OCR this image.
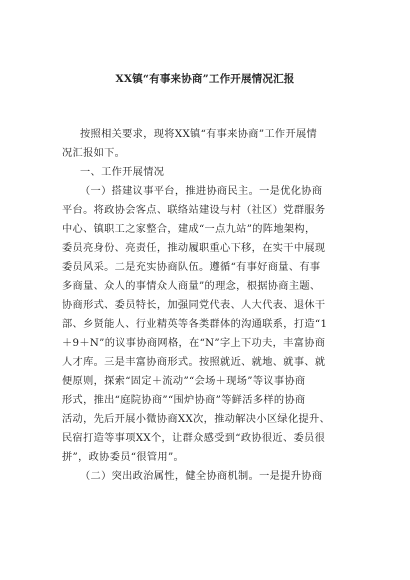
XX镇“有事来协商”工作开展情况汇报
按照相关要求，现将XX镇“有事来协商”工作开展情
况汇报如下。
一、工作开展情况
（一）搭建议事平台，推进协商民主。一是优化协商
平台。将政协会客点、联络站建设与村（社区）党群服务
中心、镇职工之家整合，建成“一点九站”的阵地架构，
委员亮身份、亮责任，推动履职重心下移，在实干中展现
委员风采。二是充实协商队伍。遵循“有事好商量、有事
多商量、众人的事情众人商量”的理念，根据协商主题、
协商形式、委员特长，加强同党代表、人大代表、退休干
部、乡贤能人、行业精英等各类群体的沟通联系，打造“1
＋9＋N”的议事协商网格，在“N”字上下功夫，丰富协商
人才库。三是丰富协商形式。按照就近、就地、就事、就
便原则，探索“固定＋流动”“会场＋现场”等议事协商
形式，推出“庭院协商”“围炉协商”等鲜活多样的协商
活动，先后开展小微协商XX次，推动解决小区绿化提升、
民宿打造等事项XX个，让群众感受到“政协很近、委员很
拼”，政协委员“很管用”。
（二）突出政治属性，健全协商机制。一是提升协商
